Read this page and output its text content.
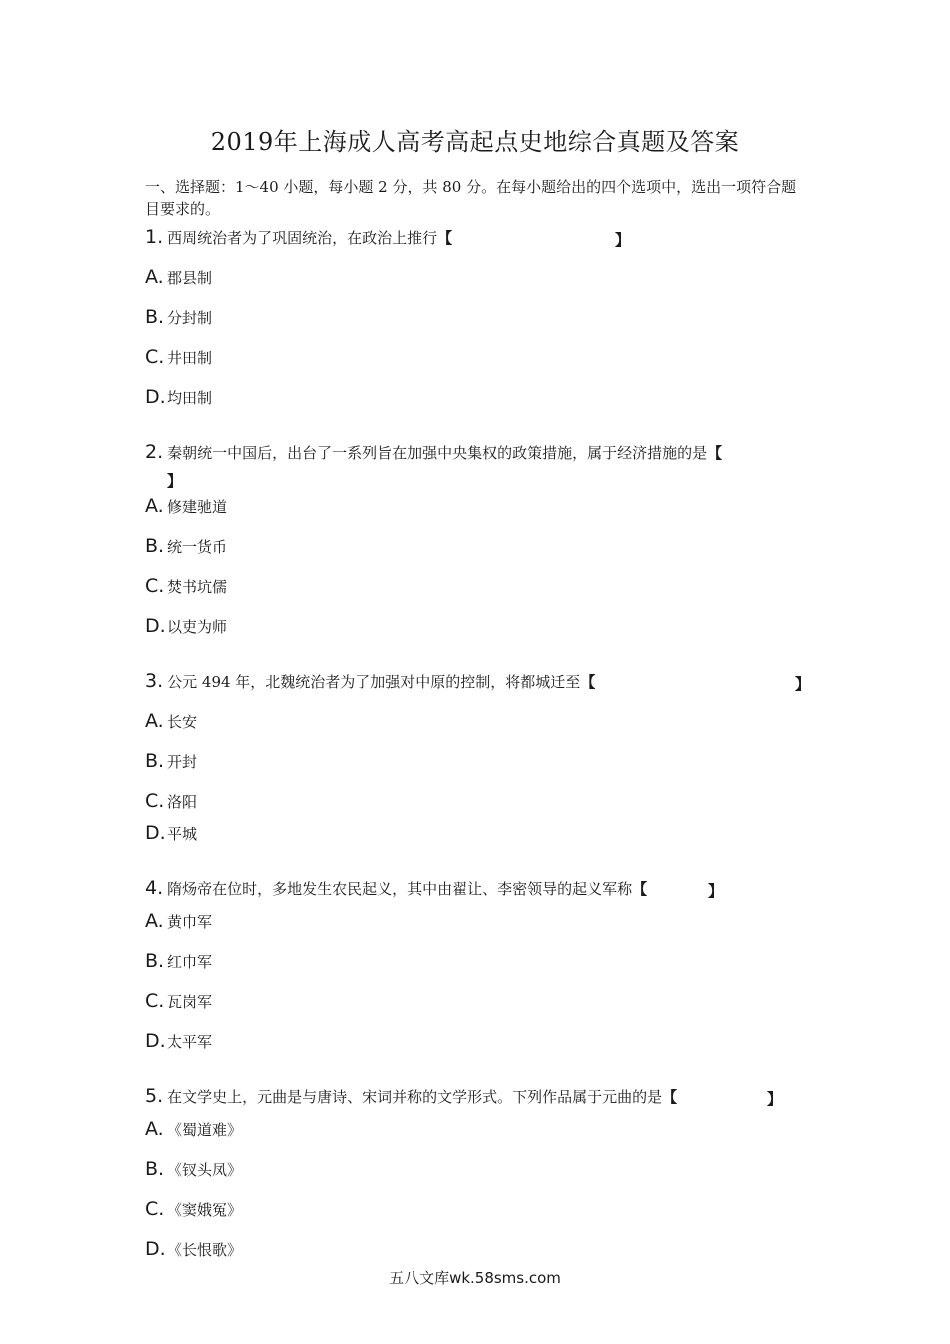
2019年上海成人高考高起点史地综合真题及答案
一、选择题：1～40 小题，每小题 2 分，共 80 分。在每小题给出的四个选项中，选出一项符合题目要求的。
1. 西周统治者为了巩固统治，在政治上推行【	】
A. 郡县制
B. 分封制
C. 井田制
D.均田制
2. 秦朝统一中国后，出台了一系列旨在加强中央集权的政策措施，属于经济措施的是【
】
A. 修建驰道
B. 统一货币
C. 焚书坑儒
D.以吏为师
3. 公元 494 年，北魏统治者为了加强对中原的控制，将都城迁至【	】
A. 长安
B. 开封
C. 洛阳
D.平城
4. 隋炀帝在位时，多地发生农民起义，其中由翟让、李密领导的起义军称【	】
A. 黄巾军
B. 红巾军
C. 瓦岗军
D.太平军
5. 在文学史上，元曲是与唐诗、宋词并称的文学形式。下列作品属于元曲的是【	】
A. 《蜀道难》
B. 《钗头凤》
C. 《窦娥冤》
D.《长恨歌》
五八文库wk.58sms.com
